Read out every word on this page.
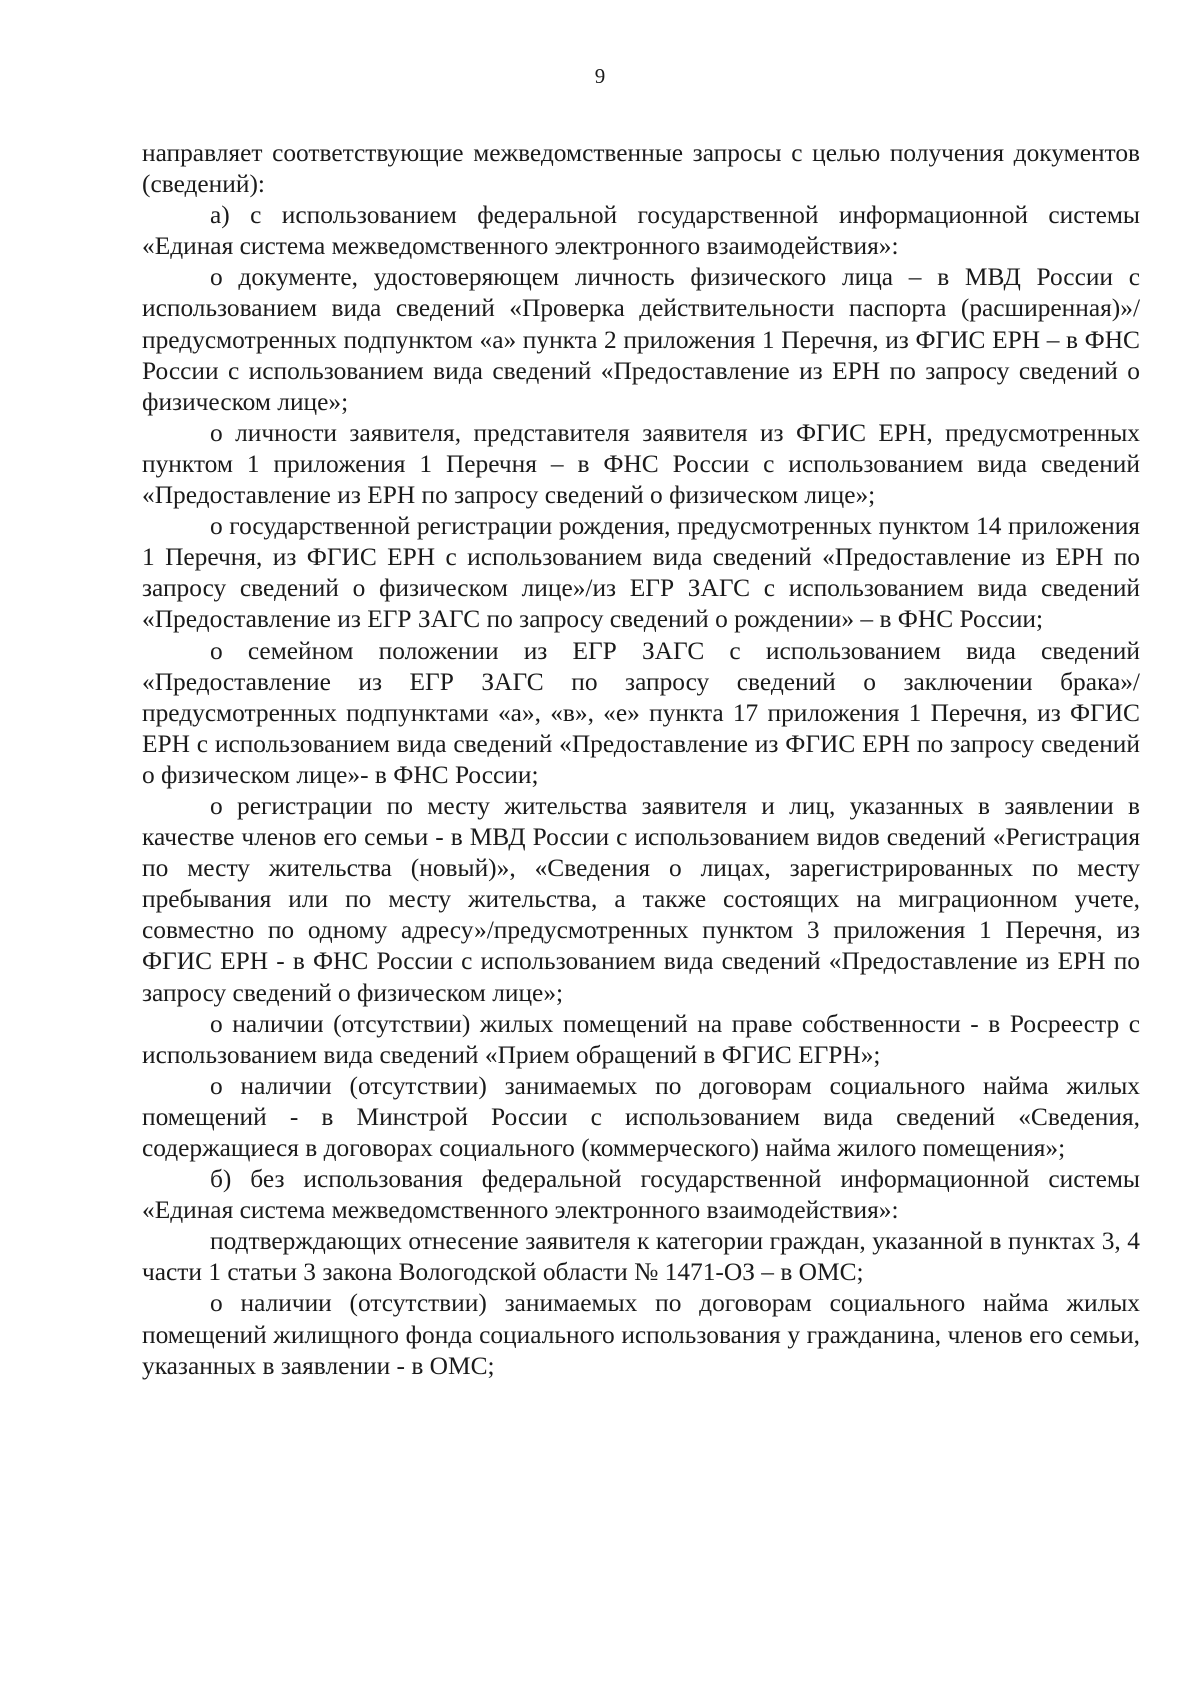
9

направляет соответствующие межведомственные запросы с целью получения документов (сведений):

а) с использованием федеральной государственной информационной системы «Единая система межведомственного электронного взаимодействия»:

о документе, удостоверяющем личность физического лица – в МВД России с использованием вида сведений «Проверка действительности паспорта (расширенная)»/предусмотренных подпунктом «а» пункта 2 приложения 1 Перечня, из ФГИС ЕРН – в ФНС России с использованием вида сведений «Предоставление из ЕРН по запросу сведений о физическом лице»;

о личности заявителя, представителя заявителя из ФГИС ЕРН, предусмотренных пунктом 1 приложения 1 Перечня – в ФНС России с использованием вида сведений «Предоставление из ЕРН по запросу сведений о физическом лице»;

о государственной регистрации рождения, предусмотренных пунктом 14 приложения 1 Перечня, из ФГИС ЕРН с использованием вида сведений «Предоставление из ЕРН по запросу сведений о физическом лице»/из ЕГР ЗАГС с использованием вида сведений «Предоставление из ЕГР ЗАГС по запросу сведений о рождении» – в ФНС России;

о семейном положении из ЕГР ЗАГС с использованием вида сведений «Предоставление из ЕГР ЗАГС по запросу сведений о заключении брака»/предусмотренных подпунктами «а», «в», «е» пункта 17 приложения 1 Перечня, из ФГИС ЕРН с использованием вида сведений «Предоставление из ФГИС ЕРН по запросу сведений о физическом лице»- в ФНС России;

о регистрации по месту жительства заявителя и лиц, указанных в заявлении в качестве членов его семьи - в МВД России с использованием видов сведений «Регистрация по месту жительства (новый)», «Сведения о лицах, зарегистрированных по месту пребывания или по месту жительства, а также состоящих на миграционном учете, совместно по одному адресу»/предусмотренных пунктом 3 приложения 1 Перечня, из ФГИС ЕРН - в ФНС России с использованием вида сведений «Предоставление из ЕРН по запросу сведений о физическом лице»;

о наличии (отсутствии) жилых помещений на праве собственности - в Росреестр с использованием вида сведений «Прием обращений в ФГИС ЕГРН»;

о наличии (отсутствии) занимаемых по договорам социального найма жилых помещений - в Минстрой России с использованием вида сведений «Сведения, содержащиеся в договорах социального (коммерческого) найма жилого помещения»;

б) без использования федеральной государственной информационной системы «Единая система межведомственного электронного взаимодействия»:

подтверждающих отнесение заявителя к категории граждан, указанной в пунктах 3, 4 части 1 статьи 3 закона Вологодской области № 1471-ОЗ – в ОМС;

о наличии (отсутствии) занимаемых по договорам социального найма жилых помещений жилищного фонда социального использования у гражданина, членов его семьи, указанных в заявлении - в ОМС;
